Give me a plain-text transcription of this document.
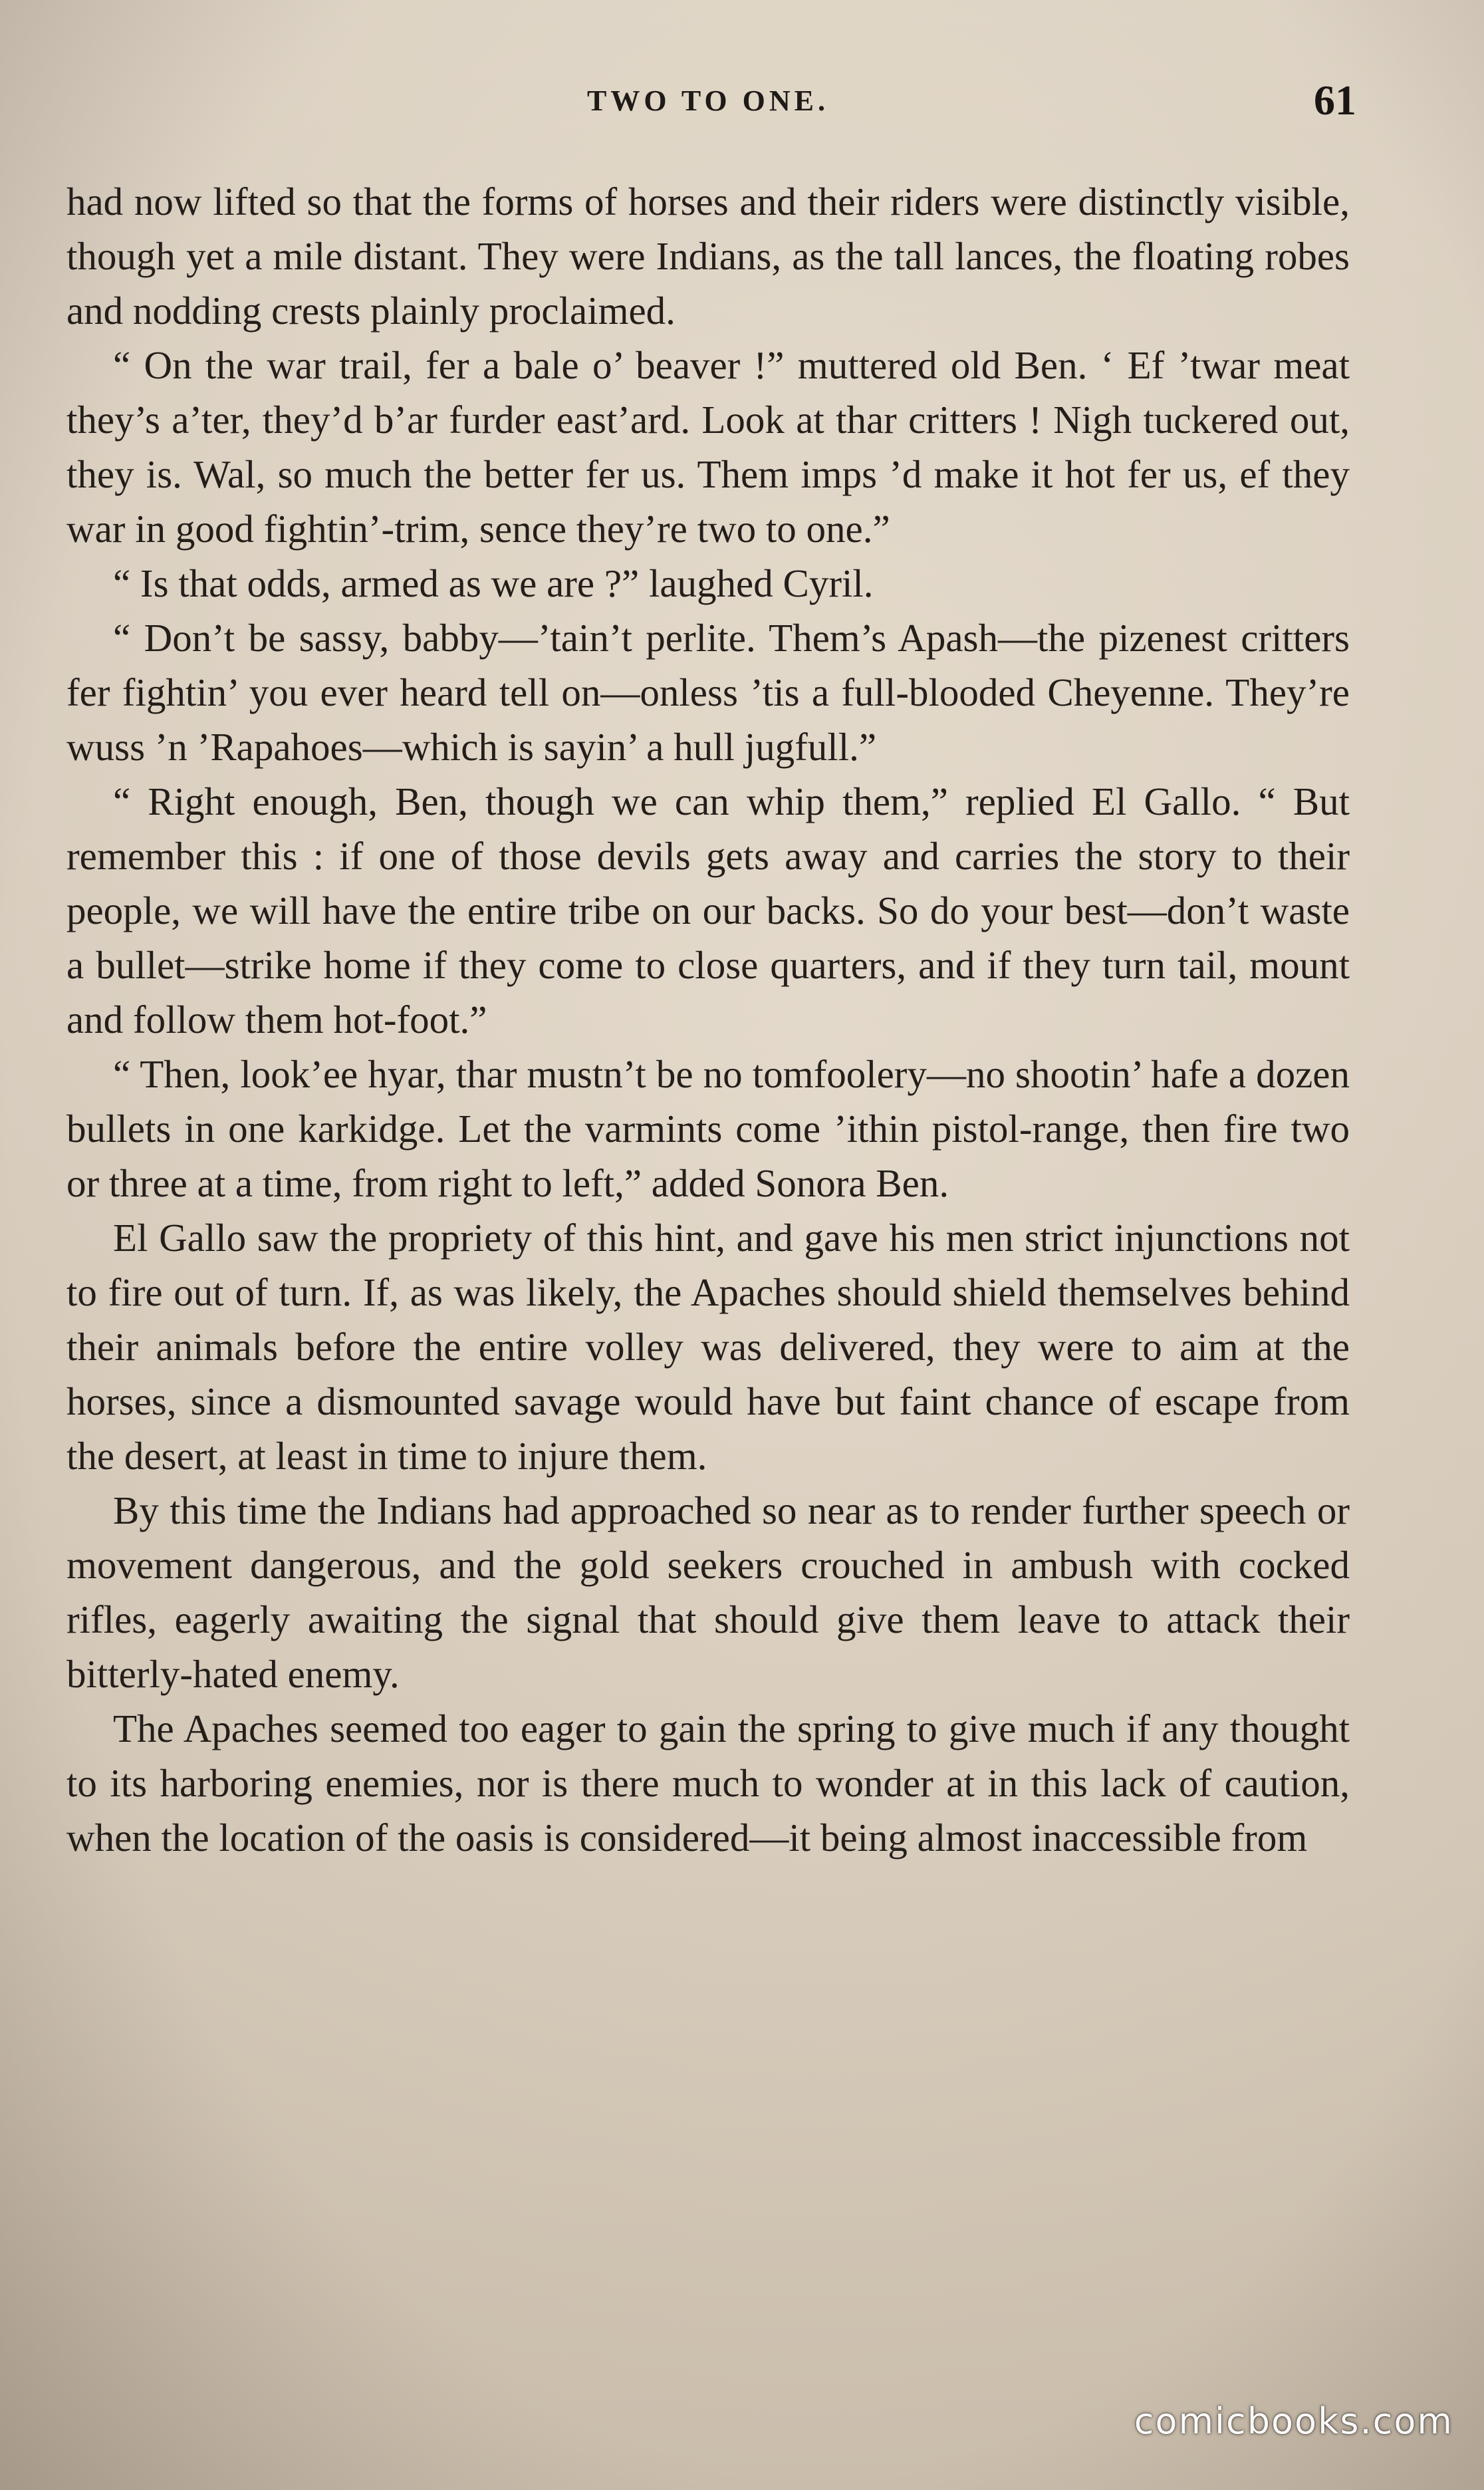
TWO TO ONE.	61

had now lifted so that the forms of horses and their riders were distinctly visible, though yet a mile distant. They were Indians, as the tall lances, the floating robes and nodding crests plainly proclaimed.

“ On the war trail, fer a bale o’ beaver !” muttered old Ben. ‘ Ef ’twar meat they’s a’ter, they’d b’ar furder east’ard. Look at thar critters ! Nigh tuckered out, they is. Wal, so much the better fer us. Them imps ’d make it hot fer us, ef they war in good fightin’-trim, sence they’re two to one.”

“ Is that odds, armed as we are ?” laughed Cyril.

“ Don’t be sassy, babby—’tain’t perlite. Them’s Apash—the pizenest critters fer fightin’ you ever heard tell on—onless ’tis a full-blooded Cheyenne. They’re wuss ’n ’Rapahoes—which is sayin’ a hull jugfull.”

“ Right enough, Ben, though we can whip them,” replied El Gallo. “ But remember this : if one of those devils gets away and carries the story to their people, we will have the entire tribe on our backs. So do your best—don’t waste a bullet—strike home if they come to close quarters, and if they turn tail, mount and follow them hot-foot.”

“ Then, look’ee hyar, thar mustn’t be no tomfoolery—no shootin’ hafe a dozen bullets in one karkidge. Let the varmints come ’ithin pistol-range, then fire two or three at a time, from right to left,” added Sonora Ben.

El Gallo saw the propriety of this hint, and gave his men strict injunctions not to fire out of turn. If, as was likely, the Apaches should shield themselves behind their animals before the entire volley was delivered, they were to aim at the horses, since a dismounted savage would have but faint chance of escape from the desert, at least in time to injure them.

By this time the Indians had approached so near as to render further speech or movement dangerous, and the gold seekers crouched in ambush with cocked rifles, eagerly awaiting the signal that should give them leave to attack their bitterly-hated enemy.

The Apaches seemed too eager to gain the spring to give much if any thought to its harboring enemies, nor is there much to wonder at in this lack of caution, when the location of the oasis is considered—it being almost inaccessible from

comicbooks.com
